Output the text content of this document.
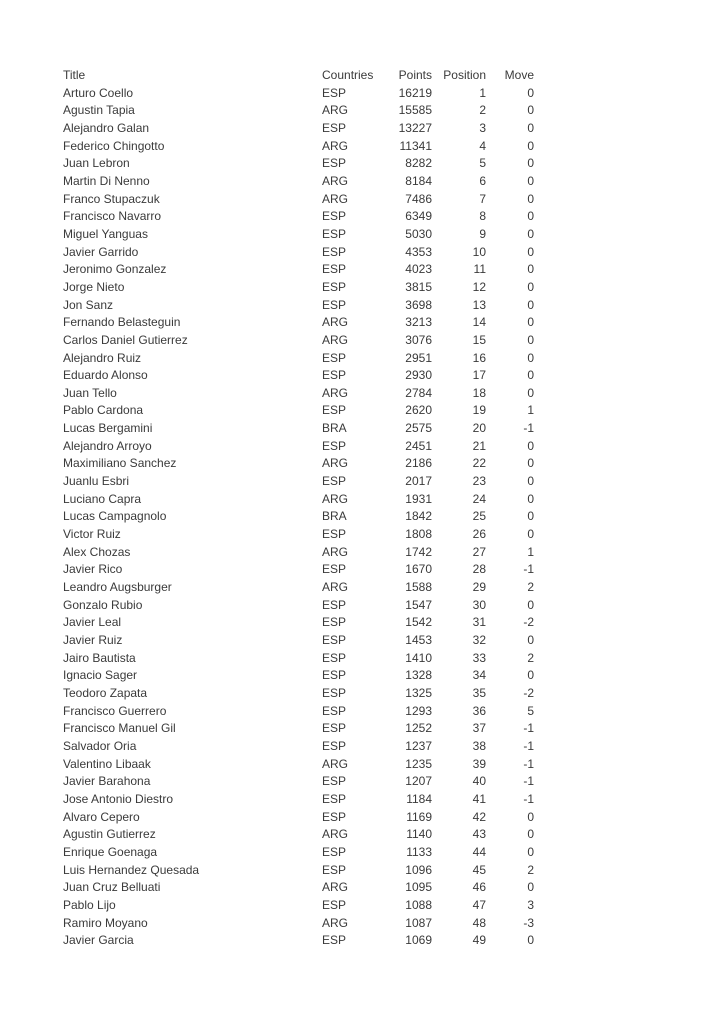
Title	Countries	Points	Position	Move
Arturo Coello	ESP	16219	1	0
Agustin Tapia	ARG	15585	2	0
Alejandro Galan	ESP	13227	3	0
Federico Chingotto	ARG	11341	4	0
Juan Lebron	ESP	8282	5	0
Martin Di Nenno	ARG	8184	6	0
Franco Stupaczuk	ARG	7486	7	0
Francisco Navarro	ESP	6349	8	0
Miguel Yanguas	ESP	5030	9	0
Javier Garrido	ESP	4353	10	0
Jeronimo Gonzalez	ESP	4023	11	0
Jorge Nieto	ESP	3815	12	0
Jon Sanz	ESP	3698	13	0
Fernando Belasteguin	ARG	3213	14	0
Carlos Daniel Gutierrez	ARG	3076	15	0
Alejandro Ruiz	ESP	2951	16	0
Eduardo Alonso	ESP	2930	17	0
Juan Tello	ARG	2784	18	0
Pablo Cardona	ESP	2620	19	1
Lucas Bergamini	BRA	2575	20	-1
Alejandro Arroyo	ESP	2451	21	0
Maximiliano Sanchez	ARG	2186	22	0
Juanlu Esbri	ESP	2017	23	0
Luciano Capra	ARG	1931	24	0
Lucas Campagnolo	BRA	1842	25	0
Victor Ruiz	ESP	1808	26	0
Alex Chozas	ARG	1742	27	1
Javier Rico	ESP	1670	28	-1
Leandro Augsburger	ARG	1588	29	2
Gonzalo Rubio	ESP	1547	30	0
Javier Leal	ESP	1542	31	-2
Javier Ruiz	ESP	1453	32	0
Jairo Bautista	ESP	1410	33	2
Ignacio Sager	ESP	1328	34	0
Teodoro Zapata	ESP	1325	35	-2
Francisco Guerrero	ESP	1293	36	5
Francisco Manuel Gil	ESP	1252	37	-1
Salvador Oria	ESP	1237	38	-1
Valentino Libaak	ARG	1235	39	-1
Javier Barahona	ESP	1207	40	-1
Jose Antonio Diestro	ESP	1184	41	-1
Alvaro Cepero	ESP	1169	42	0
Agustin Gutierrez	ARG	1140	43	0
Enrique Goenaga	ESP	1133	44	0
Luis Hernandez Quesada	ESP	1096	45	2
Juan Cruz Belluati	ARG	1095	46	0
Pablo Lijo	ESP	1088	47	3
Ramiro Moyano	ARG	1087	48	-3
Javier Garcia	ESP	1069	49	0
